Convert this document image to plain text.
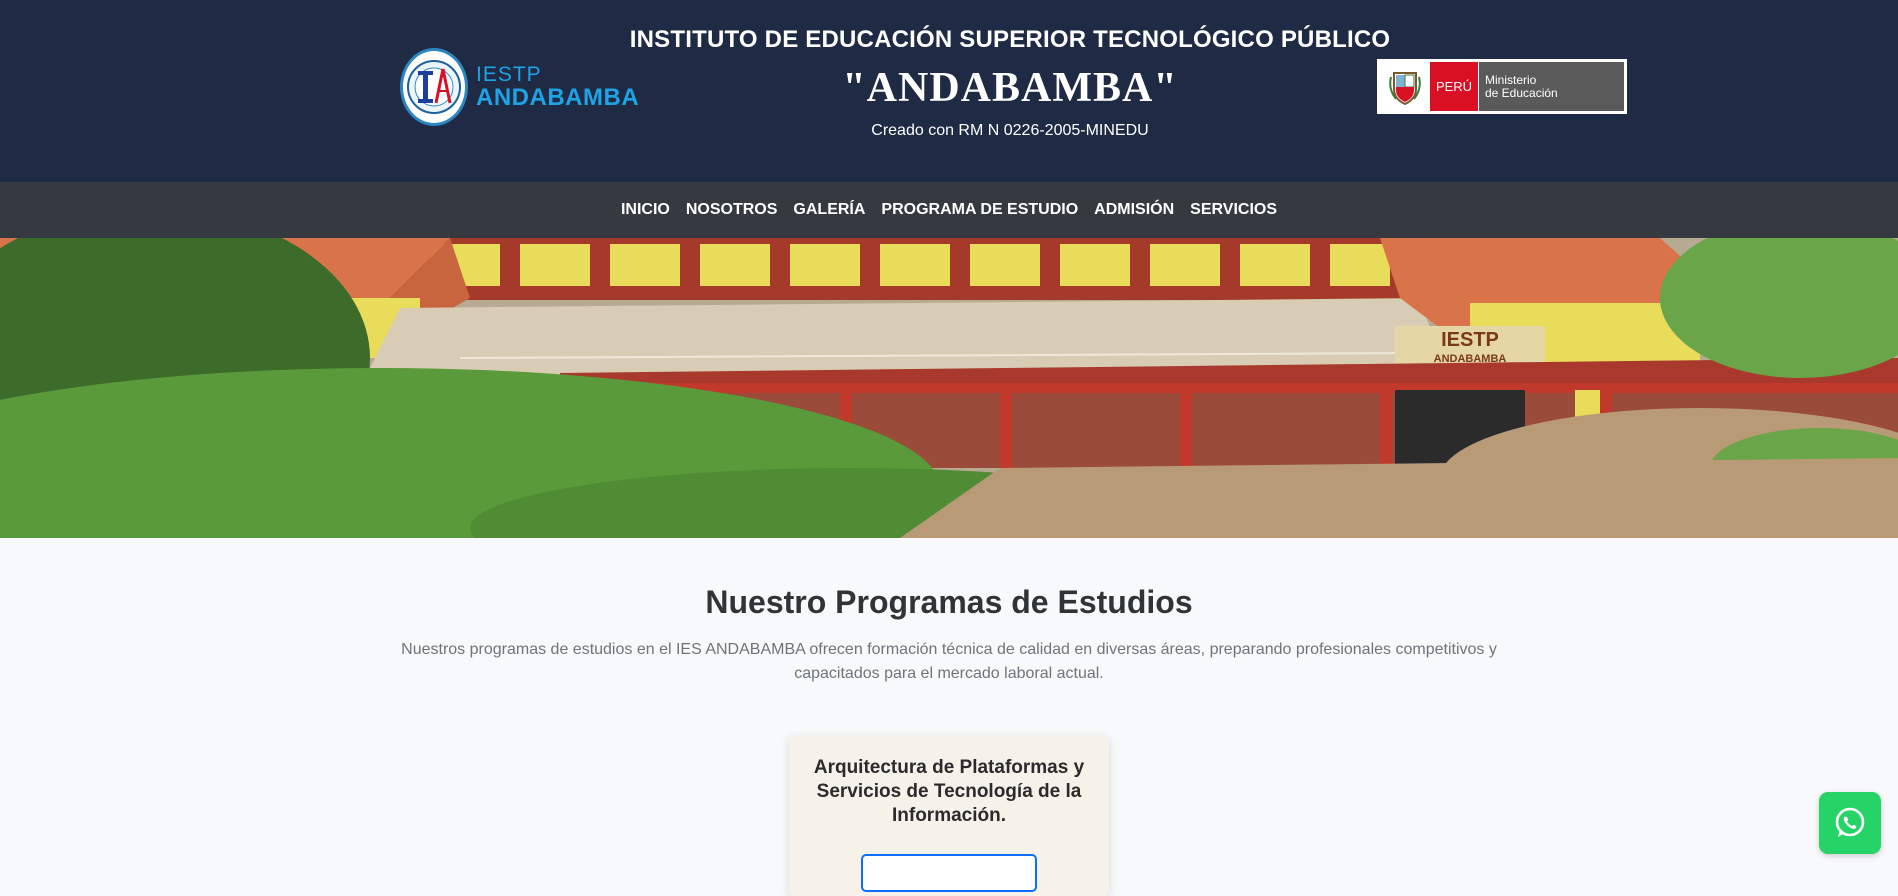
IESTP
ANDABAMBA
INSTITUTO DE EDUCACIÓN SUPERIOR TECNOLÓGICO PÚBLICO
"ANDABAMBA"
Creado con RM N 0226-2005-MINEDU
PERÚ	Ministerio
de Educación
INICIO	NOSOTROS	GALERÍA	PROGRAMA DE ESTUDIO	ADMISIÓN	SERVICIOS
IESTP
ANDABAMBA
Nuestro Programas de Estudios

Nuestros programas de estudios en el IES ANDABAMBA ofrecen formación técnica de calidad en diversas áreas, preparando profesionales competitivos y capacitados para el mercado laboral actual.

Arquitectura de Plataformas y Servicios de Tecnología de la Información.
